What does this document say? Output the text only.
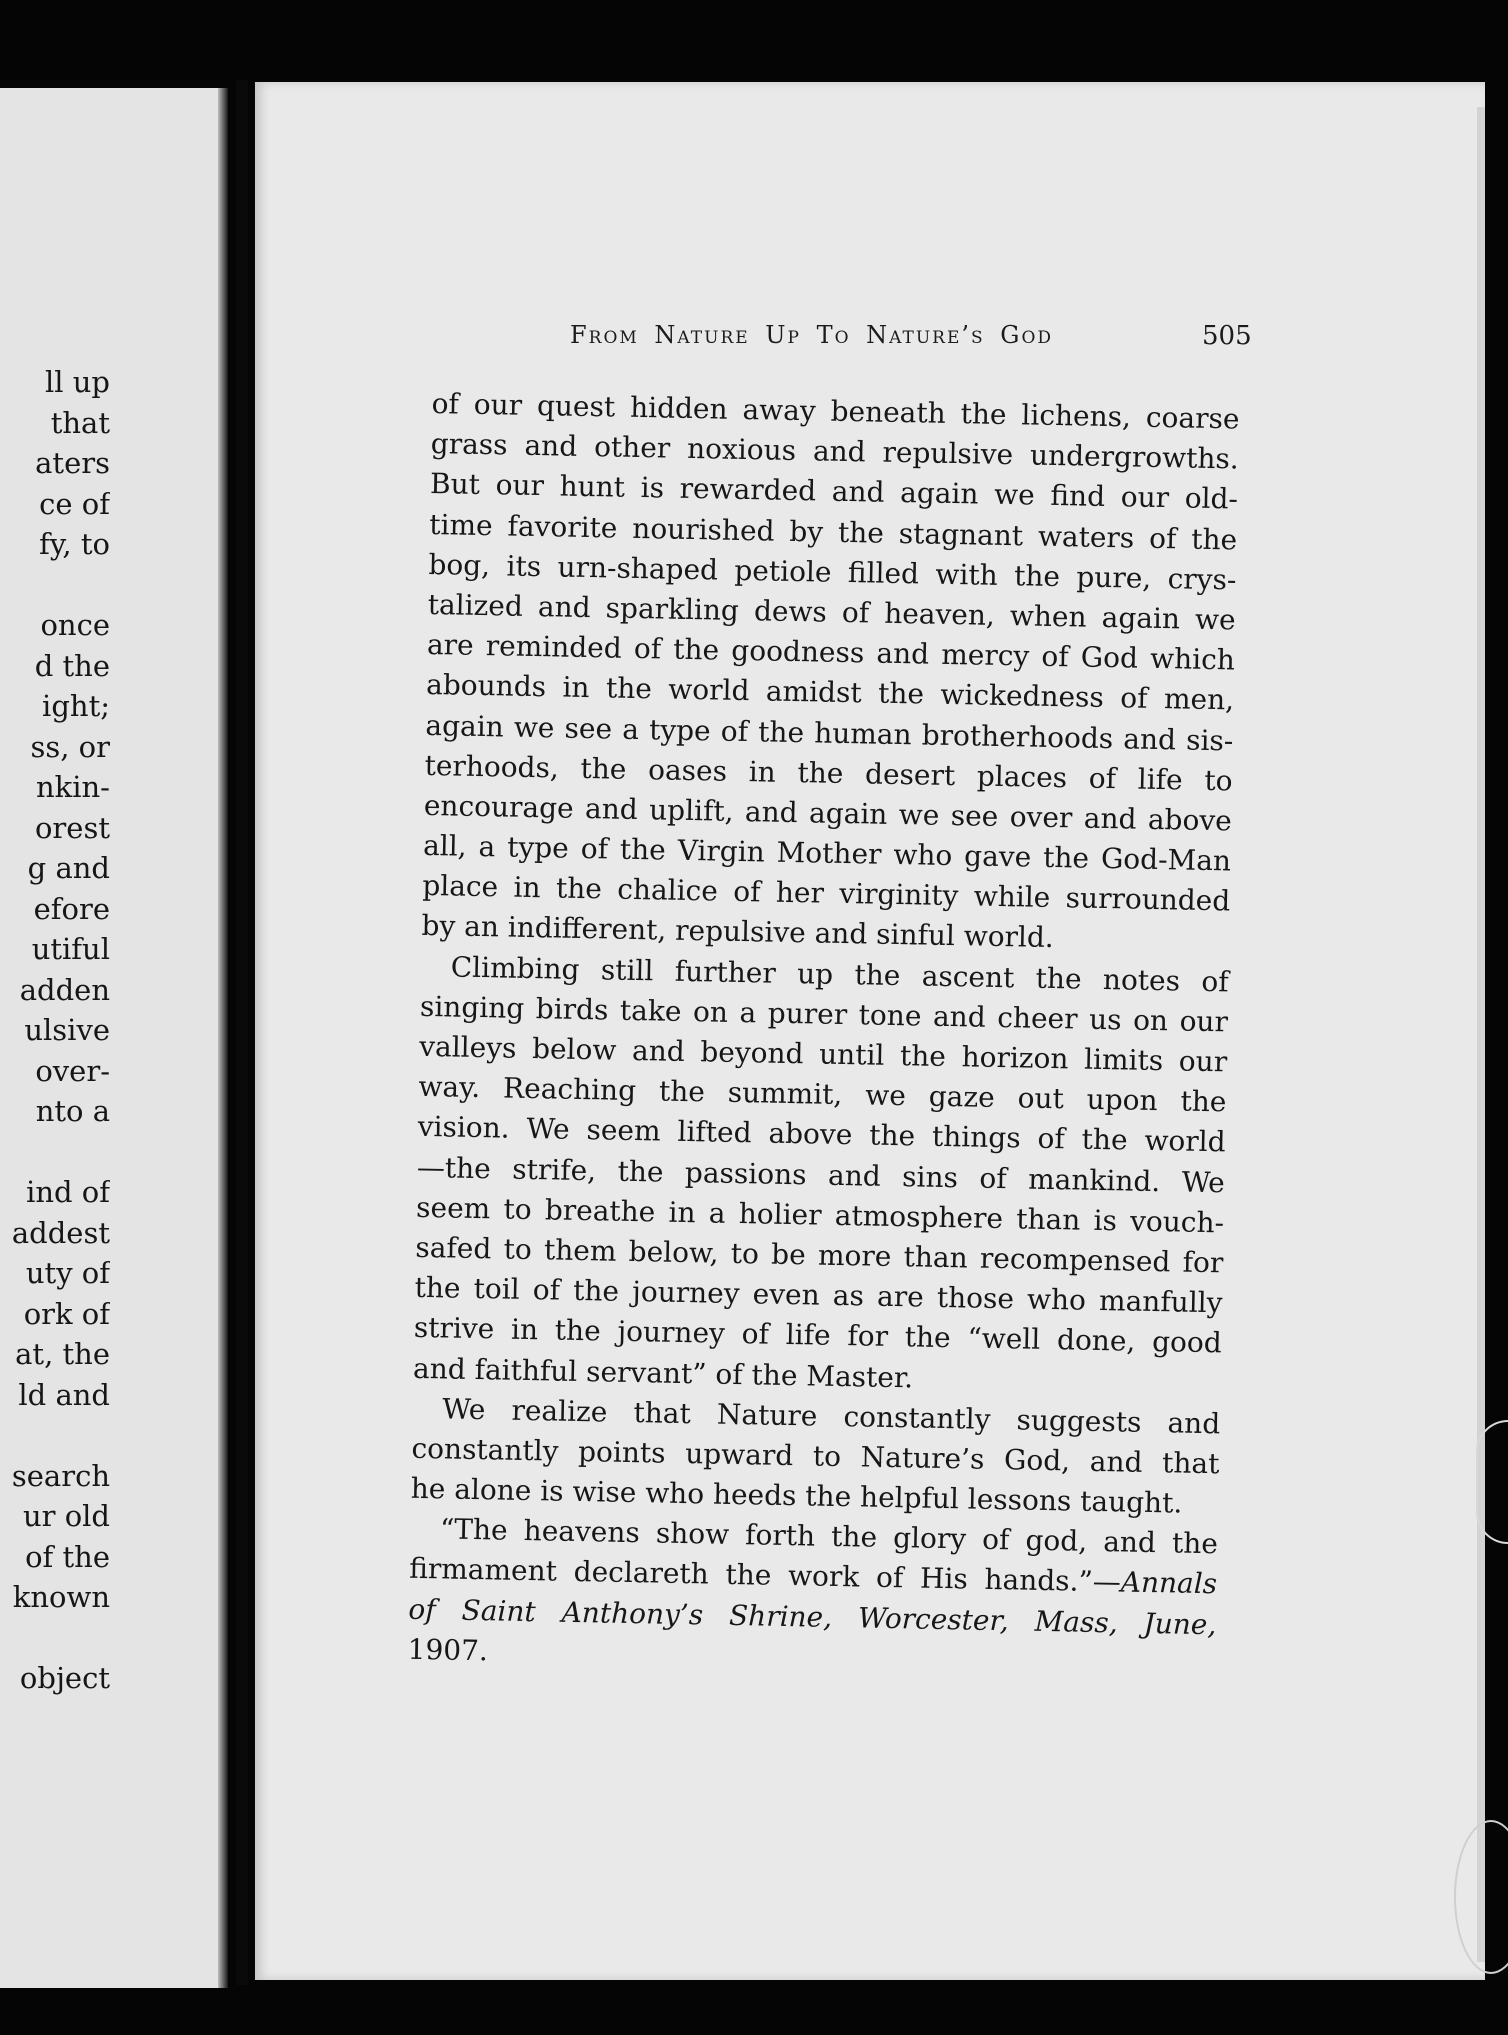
ll up
that
aters
ce of
fy, to
once
d the
ight;
ss, or
nkin-
orest
g and
efore
utiful
adden
ulsive
over-
nto a
ind of
addest
uty of
ork of
at, the
ld and
search
ur old
of the
known
object
From Nature Up To Nature’s God	505
of our quest hidden away beneath the lichens, coarse
grass and other noxious and repulsive undergrowths.
But our hunt is rewarded and again we find our old-
time favorite nourished by the stagnant waters of the
bog, its urn-shaped petiole filled with the pure, crys-
talized and sparkling dews of heaven, when again we
are reminded of the goodness and mercy of God which
abounds in the world amidst the wickedness of men,
again we see a type of the human brotherhoods and sis-
terhoods, the oases in the desert places of life to
encourage and uplift, and again we see over and above
all, a type of the Virgin Mother who gave the God-Man
place in the chalice of her virginity while surrounded
by an indifferent, repulsive and sinful world.
Climbing still further up the ascent the notes of
singing birds take on a purer tone and cheer us on our
valleys below and beyond until the horizon limits our
way. Reaching the summit, we gaze out upon the
vision. We seem lifted above the things of the world
—the strife, the passions and sins of mankind. We
seem to breathe in a holier atmosphere than is vouch-
safed to them below, to be more than recompensed for
the toil of the journey even as are those who manfully
strive in the journey of life for the “well done, good
and faithful servant” of the Master.
We realize that Nature constantly suggests and
constantly points upward to Nature’s God, and that
he alone is wise who heeds the helpful lessons taught.
“The heavens show forth the glory of god, and the
firmament declareth the work of His hands.”—Annals
of Saint Anthony’s Shrine, Worcester, Mass, June,
1907.
